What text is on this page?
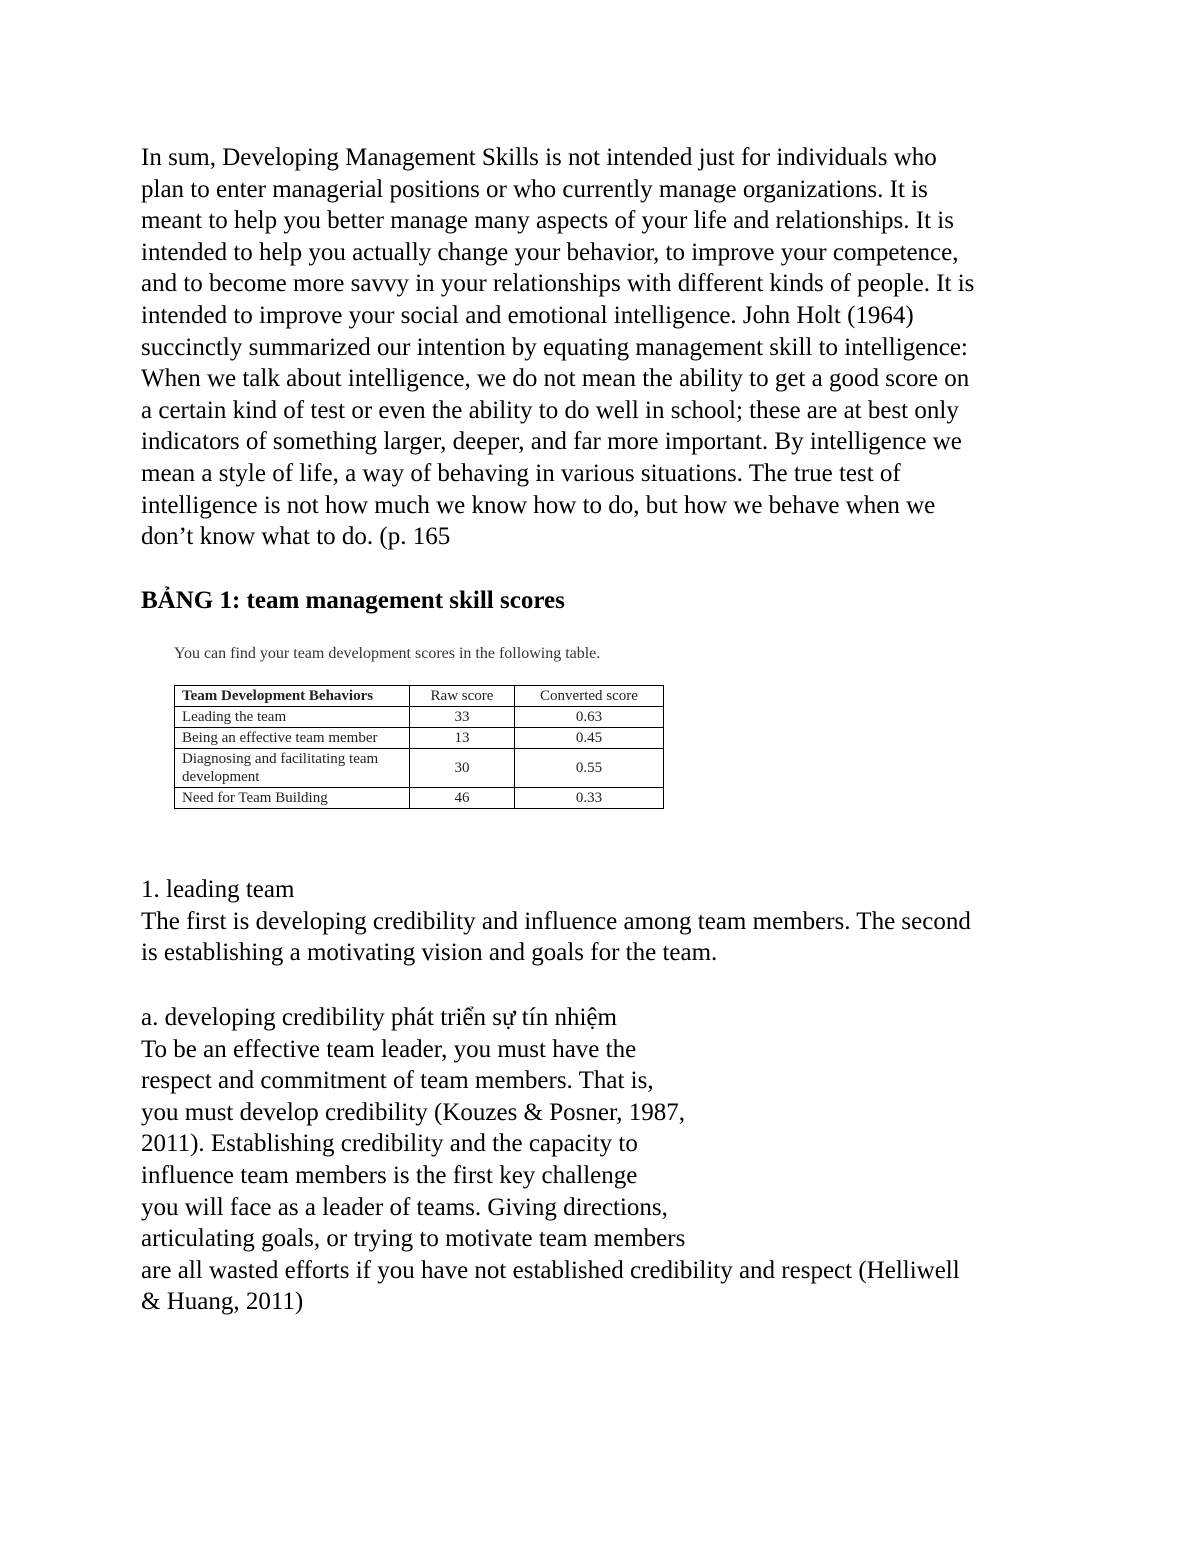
In sum, Developing Management Skills is not intended just for individuals who
plan to enter managerial positions or who currently manage organizations. It is
meant to help you better manage many aspects of your life and relationships. It is
intended to help you actually change your behavior, to improve your competence,
and to become more savvy in your relationships with different kinds of people. It is
intended to improve your social and emotional intelligence. John Holt (1964)
succinctly summarized our intention by equating management skill to intelligence:
When we talk about intelligence, we do not mean the ability to get a good score on
a certain kind of test or even the ability to do well in school; these are at best only
indicators of something larger, deeper, and far more important. By intelligence we
mean a style of life, a way of behaving in various situations. The true test of
intelligence is not how much we know how to do, but how we behave when we
don’t know what to do. (p. 165
BẢNG 1: team management skill scores
You can find your team development scores in the following table.
Team Development Behaviors	Raw score	Converted score
Leading the team	33	0.63
Being an effective team member	13	0.45
Diagnosing and facilitating team development	30	0.55
Need for Team Building	46	0.33
1. leading team
The first is developing credibility and influence among team members. The second
is establishing a motivating vision and goals for the team.
a. developing credibility phát triển sự tín nhiệm
To be an effective team leader, you must have the
respect and commitment of team members. That is,
you must develop credibility (Kouzes & Posner, 1987,
2011). Establishing credibility and the capacity to
influence team members is the first key challenge
you will face as a leader of teams. Giving directions,
articulating goals, or trying to motivate team members
are all wasted efforts if you have not established credibility and respect (Helliwell
& Huang, 2011)
